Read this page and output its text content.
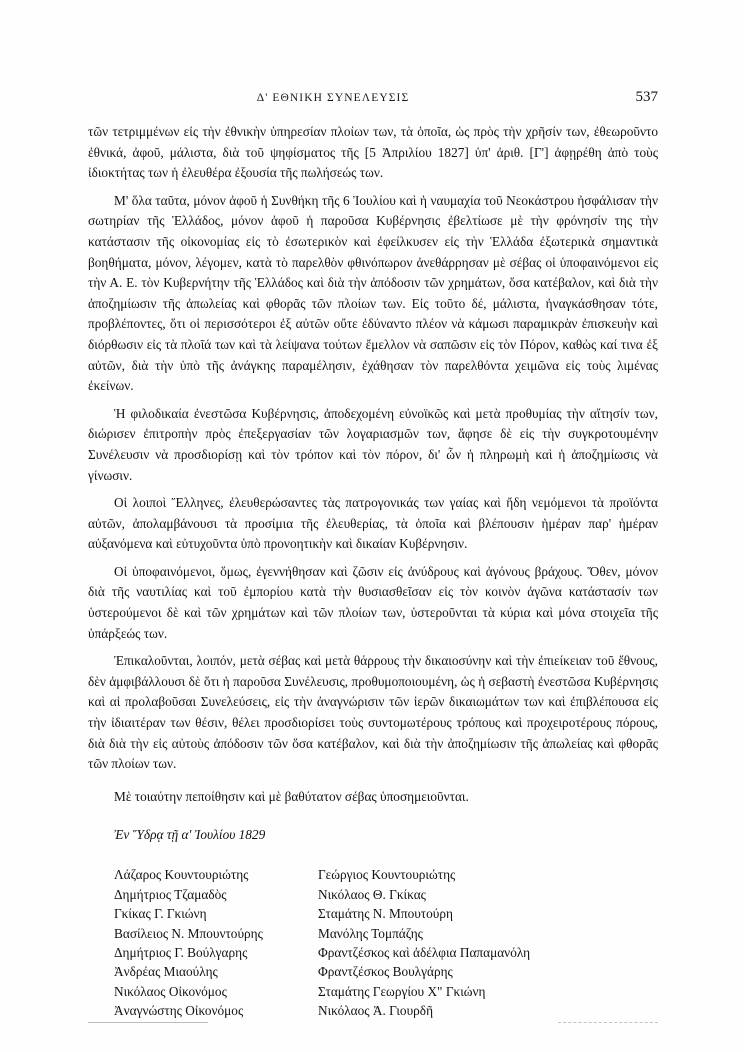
Δ' ΕΘΝΙΚΗ ΣΥΝΕΛΕΥΣΙΣ	537

τῶν τετριμμένων εἰς τὴν ἐθνικὴν ὑπηρεσίαν πλοίων των, τὰ ὁποῖα, ὡς πρὸς τὴν χρῆσίν των, ἐθεωροῦντο ἐθνικά, ἀφοῦ, μάλιστα, διὰ τοῦ ψηφίσματος τῆς [5 Ἀπριλίου 1827] ὑπ' ἀριθ. [Γ'] ἀφῃρέθη ἀπὸ τοὺς ἰδιοκτήτας των ἡ ἐλευθέρα ἐξουσία τῆς πωλήσεώς των.

Μ' ὅλα ταῦτα, μόνον ἀφοῦ ἡ Συνθήκη τῆς 6 Ἰουλίου καὶ ἡ ναυμαχία τοῦ Νεοκάστρου ἠσφάλισαν τὴν σωτηρίαν τῆς Ἑλλάδος, μόνον ἀφοῦ ἡ παροῦσα Κυβέρνησις ἐβελτίωσε μὲ τὴν φρόνησίν της τὴν κατάστασιν τῆς οἰκονομίας εἰς τὸ ἐσωτερικὸν καὶ ἐφείλκυσεν εἰς τὴν Ἑλλάδα ἐξωτερικὰ σημαντικὰ βοηθήματα, μόνον, λέγομεν, κατὰ τὸ παρελθὸν φθινόπωρον ἀνεθάρρησαν μὲ σέβας οἱ ὑποφαινόμενοι εἰς τὴν Α. Ε. τὸν Κυβερνήτην τῆς Ἑλλάδος καὶ διὰ τὴν ἀπόδοσιν τῶν χρημάτων, ὅσα κατέβαλον, καὶ διὰ τὴν ἀποζημίωσιν τῆς ἀπωλείας καὶ φθορᾶς τῶν πλοίων των. Εἰς τοῦτο δέ, μάλιστα, ἠναγκάσθησαν τότε, προβλέποντες, ὅτι οἱ περισσότεροι ἐξ αὐτῶν οὔτε ἐδύναντο πλέον νὰ κάμωσι παραμικρὰν ἐπισκευὴν καὶ διόρθωσιν εἰς τὰ πλοῖά των καὶ τὰ λείψανα τούτων ἔμελλον νὰ σαπῶσιν εἰς τὸν Πόρον, καθὼς καί τινα ἐξ αὐτῶν, διὰ τὴν ὑπὸ τῆς ἀνάγκης παραμέλησιν, ἐχάθησαν τὸν παρελθόντα χειμῶνα εἰς τοὺς λιμένας ἐκείνων.

Ἡ φιλοδικαία ἐνεστῶσα Κυβέρνησις, ἀποδεχομένη εὐνοϊκῶς καὶ μετὰ προθυμίας τὴν αἴτησίν των, διώρισεν ἐπιτροπὴν πρὸς ἐπεξεργασίαν τῶν λογαριασμῶν των, ἄφησε δὲ εἰς τὴν συγκροτουμένην Συνέλευσιν νὰ προσδιορίσῃ καὶ τὸν τρόπον καὶ τὸν πόρον, δι' ὧν ἡ πληρωμὴ καὶ ἡ ἀποζημίωσις νὰ γίνωσιν.

Οἱ λοιποὶ Ἕλληνες, ἐλευθερώσαντες τὰς πατρογονικάς των γαίας καὶ ἤδη νεμόμενοι τὰ προϊόντα αὐτῶν, ἀπολαμβάνουσι τὰ προσίμια τῆς ἐλευθερίας, τὰ ὁποῖα καὶ βλέπουσιν ἡμέραν παρ' ἡμέραν αὐξανόμενα καὶ εὐτυχοῦντα ὑπὸ προνοητικὴν καὶ δικαίαν Κυβέρνησιν.

Οἱ ὑποφαινόμενοι, ὅμως, ἐγεννήθησαν καὶ ζῶσιν εἰς ἀνύδρους καὶ ἀγόνους βράχους. Ὅθεν, μόνον διὰ τῆς ναυτιλίας καὶ τοῦ ἐμπορίου κατὰ τὴν θυσιασθεῖσαν εἰς τὸν κοινὸν ἀγῶνα κατάστασίν των ὑστερούμενοι δὲ καὶ τῶν χρημάτων καὶ τῶν πλοίων των, ὑστεροῦνται τὰ κύρια καὶ μόνα στοιχεῖα τῆς ὑπάρξεώς των.

Ἐπικαλοῦνται, λοιπόν, μετὰ σέβας καὶ μετὰ θάρρους τὴν δικαιοσύνην καὶ τὴν ἐπιείκειαν τοῦ ἔθνους, δὲν ἀμφιβάλλουσι δὲ ὅτι ἡ παροῦσα Συνέλευσις, προθυμοποιουμένη, ὡς ἡ σεβαστὴ ἐνεστῶσα Κυβέρνησις καὶ αἱ προλαβοῦσαι Συνελεύσεις, εἰς τὴν ἀναγνώρισιν τῶν ἱερῶν δικαιωμάτων των καὶ ἐπιβλέπουσα εἰς τὴν ἰδιαιτέραν των θέσιν, θέλει προσδιορίσει τοὺς συντομωτέρους τρόπους καὶ προχειροτέρους πόρους, διὰ διὰ τὴν εἰς αὐτοὺς ἀπόδοσιν τῶν ὅσα κατέβαλον, καὶ διὰ τὴν ἀποζημίωσιν τῆς ἀπωλείας καὶ φθορᾶς τῶν πλοίων των.

Μὲ τοιαύτην πεποίθησιν καὶ μὲ βαθύτατον σέβας ὑποσημειοῦνται.
Ἐν Ὕδρᾳ τῇ α' Ἰουλίου 1829
Λάζαρος Κουντουριώτης
Δημήτριος Τζαμαδὸς
Γκίκας Γ. Γκιώνη
Βασίλειος Ν. Μπουντούρης
Δημήτριος Γ. Βούλγαρης
Ἀνδρέας Μιαούλης
Νικόλαος Οἰκονόμος
Ἀναγνώστης Οἰκονόμος
Γεώργιος Κουντουριώτης
Νικόλαος Θ. Γκίκας
Σταμάτης Ν. Μπουτούρη
Μανόλης Τομπάζης
Φραντζέσκος καὶ ἀδέλφια Παπαμανόλη
Φραντζέσκος Βουλγάρης
Σταμάτης Γεωργίου Χ" Γκιώνη
Νικόλαος Ἀ. Γιουρδῆ
